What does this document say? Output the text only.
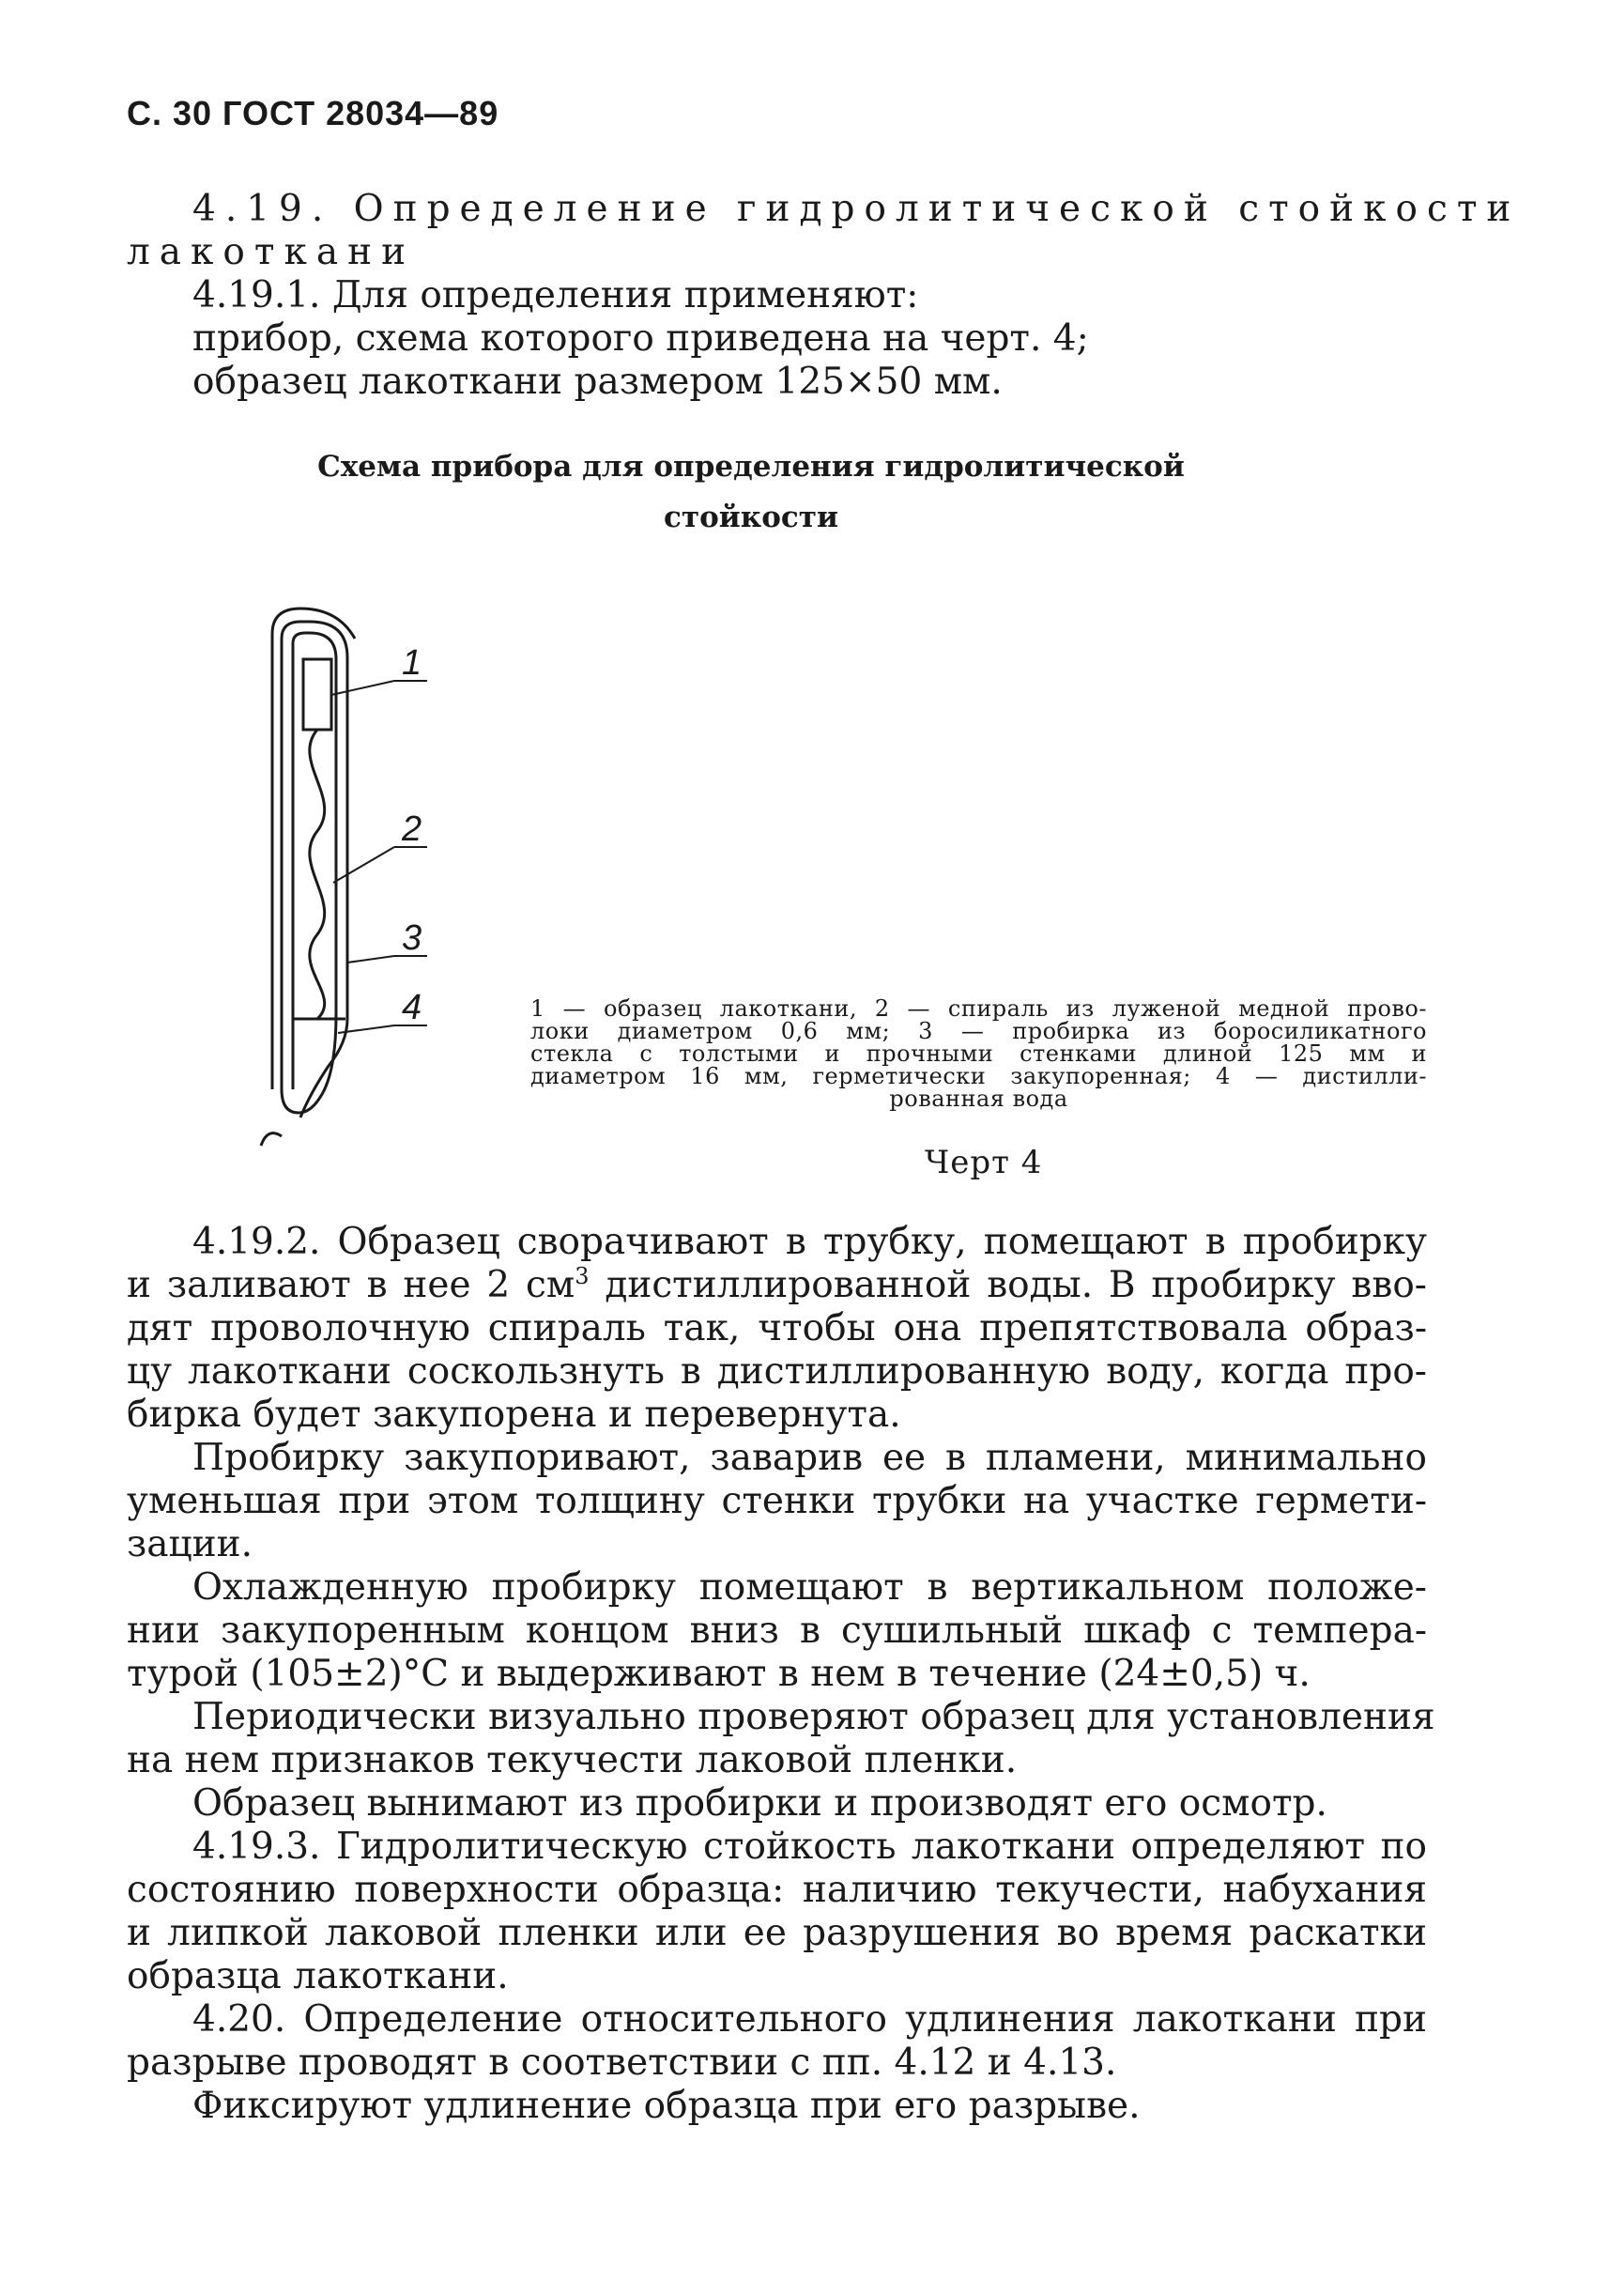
С. 30 ГОСТ 28034—89
4.19. Определение гидролитической стойкости
лакоткани
4.19.1. Для определения применяют:
прибор, схема которого приведена на черт. 4;
образец лакоткани размером 125×50 мм.
Схема прибора для определения гидролитической
стойкости
1
2
3
4	1 — образец лакоткани, 2 — спираль из луженой медной прово-
локи диаметром 0,6 мм; 3 — пробирка из боросиликатного
стекла с толстыми и прочными стенками длиной 125 мм и
диаметром 16 мм, герметически закупоренная; 4 — дистилли-
рованная вода
Черт 4
4.19.2. Образец сворачивают в трубку, помещают в пробирку
и заливают в нее 2 $см^3$ дистиллированной воды. В пробирку вво-
дят проволочную спираль так, чтобы она препятствовала образ-
цу лакоткани соскользнуть в дистиллированную воду, когда про-
бирка будет закупорена и перевернута.
Пробирку закупоривают, заварив ее в пламени, минимально
уменьшая при этом толщину стенки трубки на участке гермети-
зации.
Охлажденную пробирку помещают в вертикальном положе-
нии закупоренным концом вниз в сушильный шкаф с темпера-
турой (105±2)°С и выдерживают в нем в течение (24±0,5) ч.
Периодически визуально проверяют образец для установления
на нем признаков текучести лаковой пленки.
Образец вынимают из пробирки и производят его осмотр.
4.19.3. Гидролитическую стойкость лакоткани определяют по
состоянию поверхности образца: наличию текучести, набухания
и липкой лаковой пленки или ее разрушения во время раскатки
образца лакоткани.
4.20. Определение относительного удлинения лакоткани при
разрыве проводят в соответствии с пп. 4.12 и 4.13.
Фиксируют удлинение образца при его разрыве.
